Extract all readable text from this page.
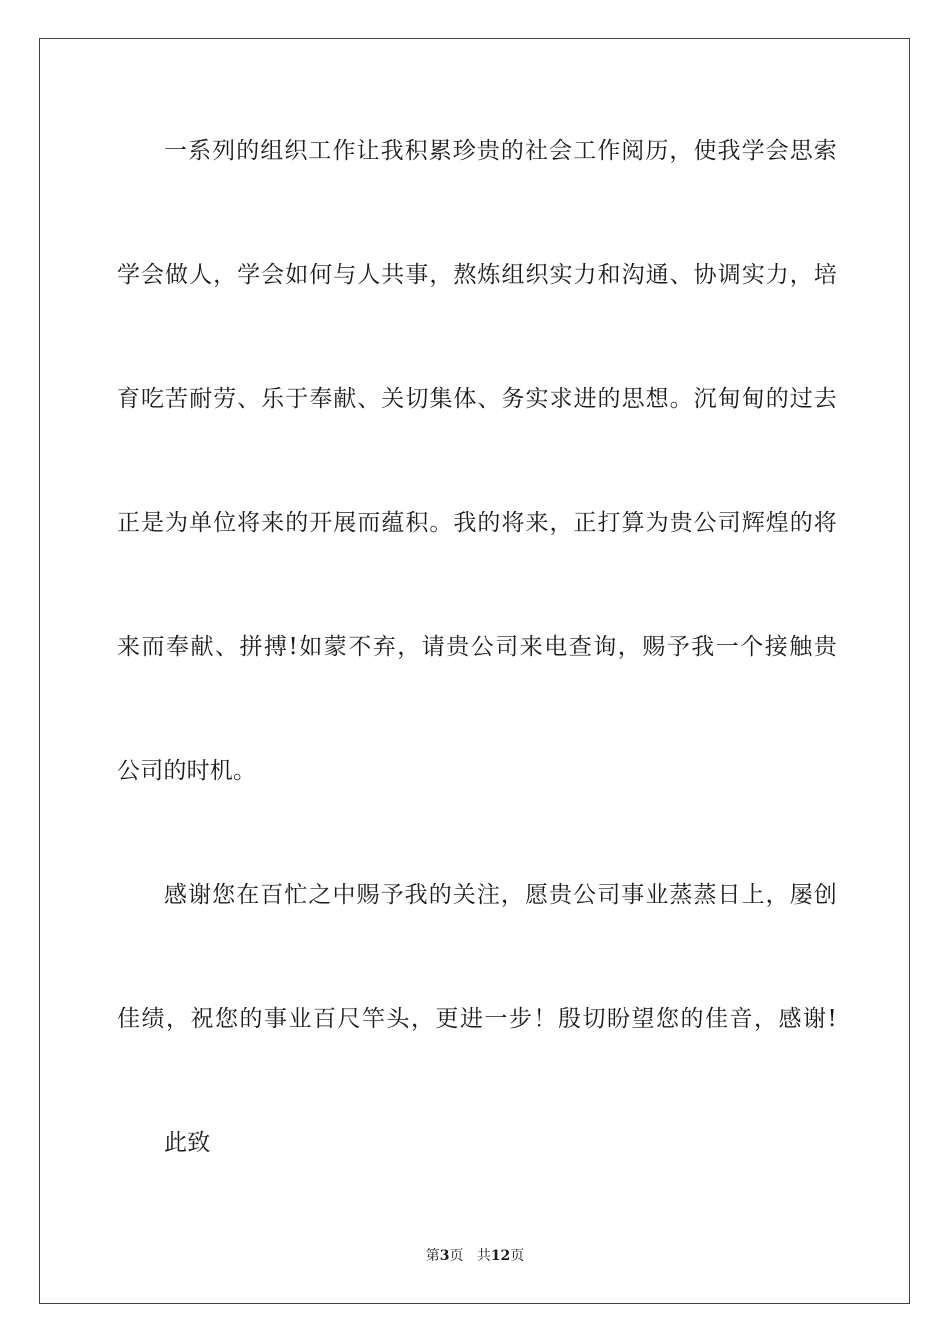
一系列的组织工作让我积累珍贵的社会工作阅历，使我学会思索
学会做人，学会如何与人共事，熬炼组织实力和沟通、协调实力，培
育吃苦耐劳、乐于奉献、关切集体、务实求进的思想。沉甸甸的过去
正是为单位将来的开展而蕴积。我的将来，正打算为贵公司辉煌的将
来而奉献、拼搏!如蒙不弃，请贵公司来电查询，赐予我一个接触贵
公司的时机。
感谢您在百忙之中赐予我的关注，愿贵公司事业蒸蒸日上，屡创
佳绩，祝您的事业百尺竿头，更进一步！殷切盼望您的佳音，感谢!
此致
第3页 共12页
